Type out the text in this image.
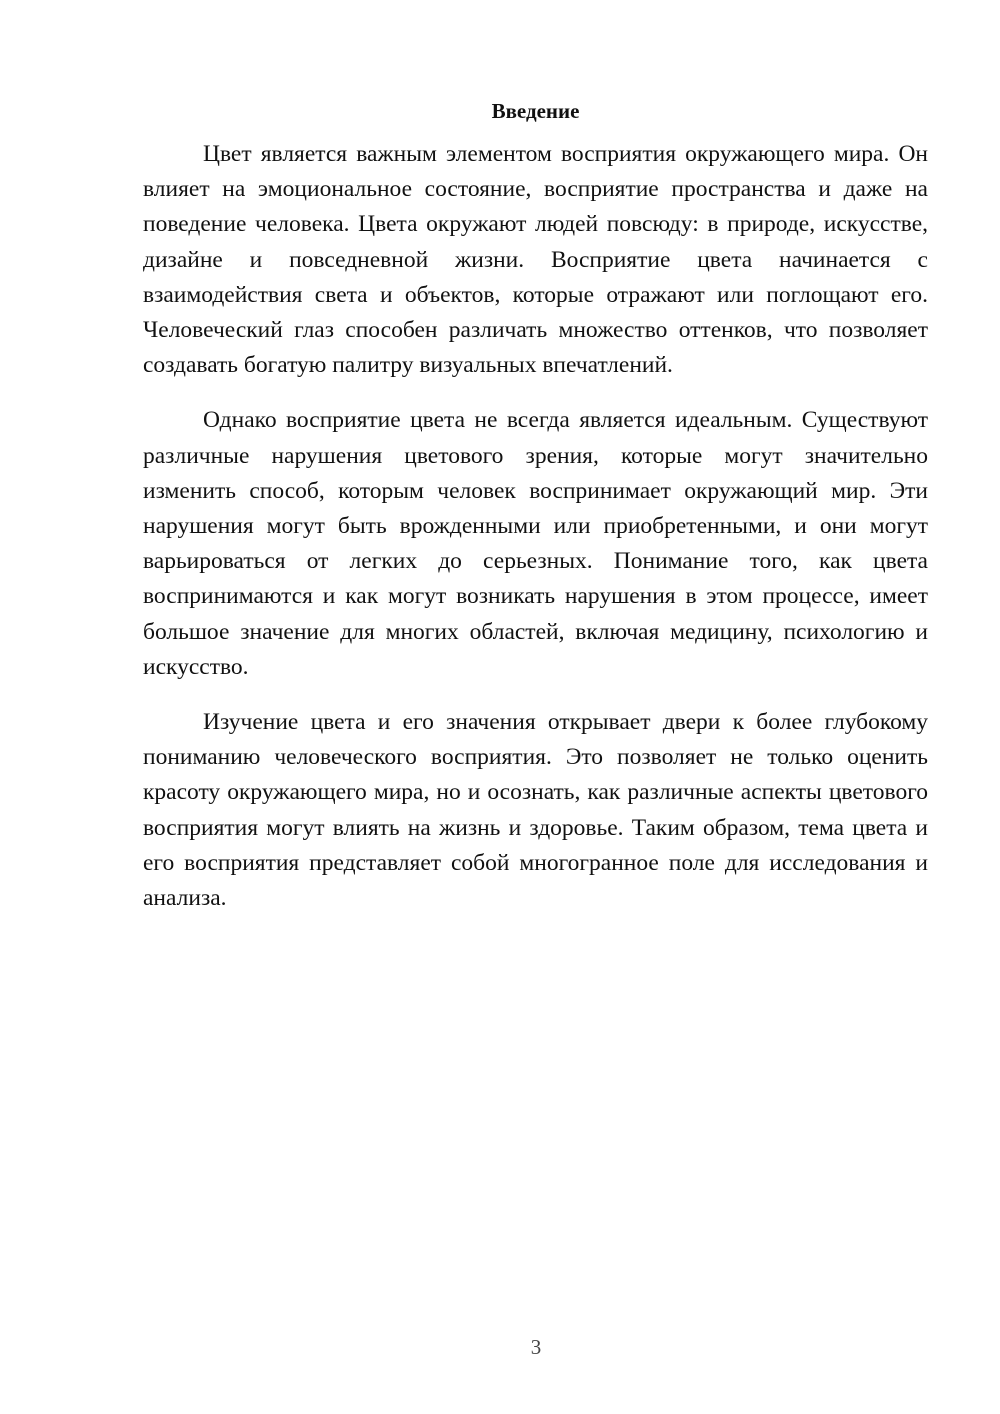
Введение

Цвет является важным элементом восприятия окружающего мира. Он влияет на эмоциональное состояние, восприятие пространства и даже на поведение человека. Цвета окружают людей повсюду: в природе, искусстве, дизайне и повседневной жизни. Восприятие цвета начинается с взаимодействия света и объектов, которые отражают или поглощают его. Человеческий глаз способен различать множество оттенков, что позволяет создавать богатую палитру визуальных впечатлений.

Однако восприятие цвета не всегда является идеальным. Существуют различные нарушения цветового зрения, которые могут значительно изменить способ, которым человек воспринимает окружающий мир. Эти нарушения могут быть врожденными или приобретенными, и они могут варьироваться от легких до серьезных. Понимание того, как цвета воспринимаются и как могут возникать нарушения в этом процессе, имеет большое значение для многих областей, включая медицину, психологию и искусство.

Изучение цвета и его значения открывает двери к более глубокому пониманию человеческого восприятия. Это позволяет не только оценить красоту окружающего мира, но и осознать, как различные аспекты цветового восприятия могут влиять на жизнь и здоровье. Таким образом, тема цвета и его восприятия представляет собой многогранное поле для исследования и анализа.

3
